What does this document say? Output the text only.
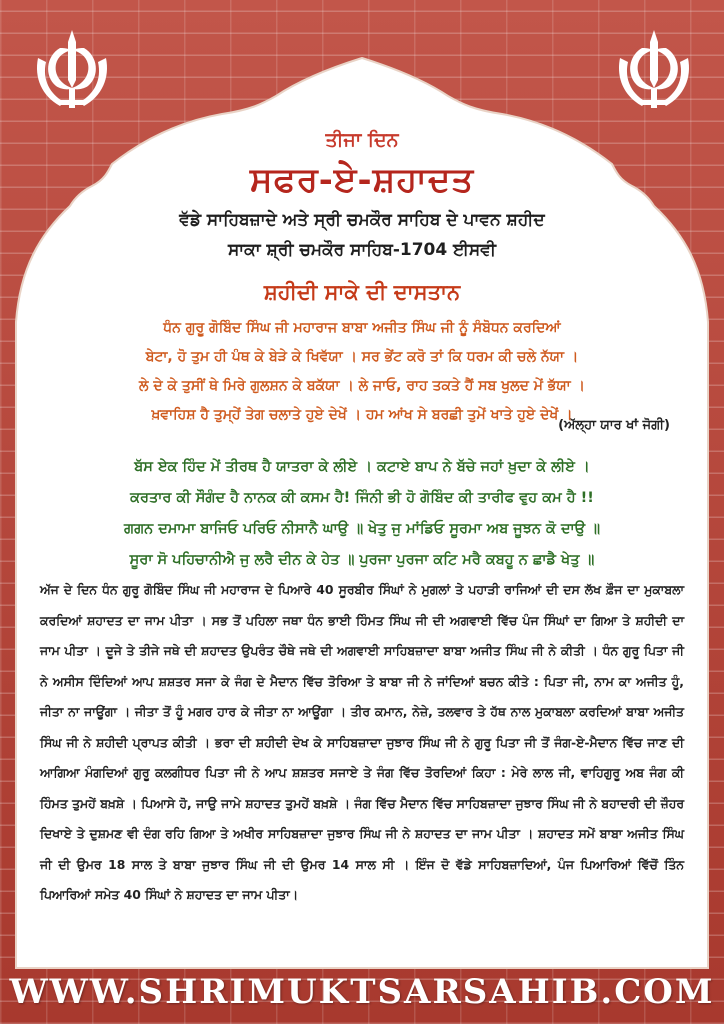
ਤੀਜਾ ਦਿਨ
ਸਫਰ-ਏ-ਸ਼ਹਾਦਤ
ਵੱਡੇ ਸਾਹਿਬਜ਼ਾਦੇ ਅਤੇ ਸ੍ਰੀ ਚਮਕੌਰ ਸਾਹਿਬ ਦੇ ਪਾਵਨ ਸ਼ਹੀਦ
ਸਾਕਾ ਸ਼੍ਰੀ ਚਮਕੌਰ ਸਾਹਿਬ-1704 ਈਸਵੀ
ਸ਼ਹੀਦੀ ਸਾਕੇ ਦੀ ਦਾਸਤਾਨ
ਧੰਨ ਗੁਰੂ ਗੋਬਿੰਦ ਸਿੰਘ ਜੀ ਮਹਾਰਾਜ ਬਾਬਾ ਅਜੀਤ ਸਿੰਘ ਜੀ ਨੂੰ ਸੰਬੋਧਨ ਕਰਦਿਆਂ
ਬੇਟਾ, ਹੋ ਤੁਮ ਹੀ ਪੰਥ ਕੇ ਬੇੜੇ ਕੇ ਖਿਵੱਯਾ । ਸਰ ਭੇਂਟ ਕਰੋ ਤਾਂ ਕਿ ਧਰਮ ਕੀ ਚਲੇ ਨੱਯਾ ।
ਲੇ ਦੇ ਕੇ ਤੁਸੀਂ ਥੇ ਮਿਰੇ ਗੁਲਸ਼ਨ ਕੇ ਬਕੱਯਾ । ਲੇ ਜਾਓ, ਰਾਹ ਤਕਤੇ ਹੈਂ ਸਬ ਖੁਲਦ ਮੇਂ ਭੱਯਾ ।
ਖ਼ਵਾਹਿਸ਼ ਹੈ ਤੁਮ੍ਹੇਂ ਤੇਗ ਚਲਾਤੇ ਹੁਏ ਦੇਖੇਂ । ਹਮ ਆਂਖ ਸੇ ਬਰਛੀ ਤੁਮੇਂ ਖਾਤੇ ਹੁਏ ਦੇਖੇਂ ।
(ਅੱਲ੍ਹਾ ਯਾਰ ਖਾਂ ਜੋਗੀ)
ਬੱਸ ਏਕ ਹਿੰਦ ਮੇਂ ਤੀਰਥ ਹੈ ਯਾਤਰਾ ਕੇ ਲੀਏ । ਕਟਾਏ ਬਾਪ ਨੇ ਬੱਚੇ ਜਹਾਂ ਖ਼ੁਦਾ ਕੇ ਲੀਏ ।
ਕਰਤਾਰ ਕੀ ਸੌਗੰਦ ਹੈ ਨਾਨਕ ਕੀ ਕਸਮ ਹੈ! ਜਿੰਨੀ ਭੀ ਹੋ ਗੋਬਿੰਦ ਕੀ ਤਾਰੀਫ ਵੁਹ ਕਮ ਹੈ !!
ਗਗਨ ਦਮਾਮਾ ਬਾਜਿਓ ਪਰਿਓ ਨੀਸਾਨੈ ਘਾਉ ॥ ਖੇਤੁ ਜੁ ਮਾਂਡਿਓ ਸੂਰਮਾ ਅਬ ਜੂਝਨ ਕੋ ਦਾਉ ॥
ਸੂਰਾ ਸੋ ਪਹਿਚਾਨੀਐ ਜੁ ਲਰੈ ਦੀਨ ਕੇ ਹੇਤ ॥ ਪੁਰਜਾ ਪੁਰਜਾ ਕਟਿ ਮਰੈ ਕਬਹੂ ਨ ਛਾਡੈ ਖੇਤੁ ॥

ਅੱਜ ਦੇ ਦਿਨ ਧੰਨ ਗੁਰੂ ਗੋਬਿੰਦ ਸਿੰਘ ਜੀ ਮਹਾਰਾਜ ਦੇ ਪਿਆਰੇ 40 ਸੂਰਬੀਰ ਸਿੰਘਾਂ ਨੇ ਮੁਗਲਾਂ ਤੇ ਪਹਾੜੀ ਰਾਜਿਆਂ ਦੀ ਦਸ ਲੱਖ ਫ਼ੌਜ ਦਾ ਮੁਕਾਬਲਾ ਕਰਦਿਆਂ ਸ਼ਹਾਦਤ ਦਾ ਜਾਮ ਪੀਤਾ । ਸਭ ਤੋਂ ਪਹਿਲਾ ਜਥਾ ਧੰਨ ਭਾਈ ਹਿੰਮਤ ਸਿੰਘ ਜੀ ਦੀ ਅਗਵਾਈ ਵਿੱਚ ਪੰਜ ਸਿੰਘਾਂ ਦਾ ਗਿਆ ਤੇ ਸ਼ਹੀਦੀ ਦਾ ਜਾਮ ਪੀਤਾ । ਦੂਜੇ ਤੇ ਤੀਜੇ ਜਥੇ ਦੀ ਸ਼ਹਾਦਤ ਉਪਰੰਤ ਚੌਥੇ ਜਥੇ ਦੀ ਅਗਵਾਈ ਸਾਹਿਬਜ਼ਾਦਾ ਬਾਬਾ ਅਜੀਤ ਸਿੰਘ ਜੀ ਨੇ ਕੀਤੀ । ਧੰਨ ਗੁਰੂ ਪਿਤਾ ਜੀ ਨੇ ਅਸੀਸ ਦਿੰਦਿਆਂ ਆਪ ਸ਼ਸ਼ਤਰ ਸਜਾ ਕੇ ਜੰਗ ਦੇ ਮੈਦਾਨ ਵਿੱਚ ਤੋਰਿਆ ਤੇ ਬਾਬਾ ਜੀ ਨੇ ਜਾਂਦਿਆਂ ਬਚਨ ਕੀਤੇ : ਪਿਤਾ ਜੀ, ਨਾਮ ਕਾ ਅਜੀਤ ਹੂੰ, ਜੀਤਾ ਨਾ ਜਾਊਂਗਾ । ਜੀਤਾ ਤੋਂ ਹੂੰ ਮਗਰ ਹਾਰ ਕੇ ਜੀਤਾ ਨਾ ਆਊਂਗਾ । ਤੀਰ ਕਮਾਨ, ਨੇਜ਼ੇ, ਤਲਵਾਰ ਤੇ ਹੱਥ ਨਾਲ ਮੁਕਾਬਲਾ ਕਰਦਿਆਂ ਬਾਬਾ ਅਜੀਤ ਸਿੰਘ ਜੀ ਨੇ ਸ਼ਹੀਦੀ ਪ੍ਰਾਪਤ ਕੀਤੀ । ਭਰਾ ਦੀ ਸ਼ਹੀਦੀ ਦੇਖ ਕੇ ਸਾਹਿਬਜ਼ਾਦਾ ਜੁਝਾਰ ਸਿੰਘ ਜੀ ਨੇ ਗੁਰੂ ਪਿਤਾ ਜੀ ਤੋਂ ਜੰਗ-ਏ-ਮੈਦਾਨ ਵਿੱਚ ਜਾਣ ਦੀ ਆਗਿਆ ਮੰਗਦਿਆਂ ਗੁਰੂ ਕਲਗੀਧਰ ਪਿਤਾ ਜੀ ਨੇ ਆਪ ਸ਼ਸ਼ਤਰ ਸਜਾਏ ਤੇ ਜੰਗ ਵਿੱਚ ਤੋਰਦਿਆਂ ਕਿਹਾ : ਮੇਰੇ ਲਾਲ ਜੀ, ਵਾਹਿਗੁਰੂ ਅਬ ਜੰਗ ਕੀ ਹਿੰਮਤ ਤੁਮਹੇਂ ਬਖ਼ਸ਼ੇ । ਪਿਆਸੇ ਹੋ, ਜਾਉ ਜਾਮੇ ਸ਼ਹਾਦਤ ਤੁਮਹੇਂ ਬਖ਼ਸ਼ੇ । ਜੰਗ ਵਿੱਚ ਮੈਦਾਨ ਵਿੱਚ ਸਾਹਿਬਜ਼ਾਦਾ ਜੁਝਾਰ ਸਿੰਘ ਜੀ ਨੇ ਬਹਾਦਰੀ ਦੀ ਜ਼ੌਹਰ ਦਿਖਾਏ ਤੇ ਦੁਸ਼ਮਣ ਵੀ ਦੰਗ ਰਹਿ ਗਿਆ ਤੇ ਅਖੀਰ ਸਾਹਿਬਜ਼ਾਦਾ ਜੁਝਾਰ ਸਿੰਘ ਜੀ ਨੇ ਸ਼ਹਾਦਤ ਦਾ ਜਾਮ ਪੀਤਾ । ਸ਼ਹਾਦਤ ਸਮੇਂ ਬਾਬਾ ਅਜੀਤ ਸਿੰਘ ਜੀ ਦੀ ਉਮਰ 18 ਸਾਲ ਤੇ ਬਾਬਾ ਜੁਝਾਰ ਸਿੰਘ ਜੀ ਦੀ ਉਮਰ 14 ਸਾਲ ਸੀ । ਇੰਜ ਦੋ ਵੱਡੇ ਸਾਹਿਬਜ਼ਾਦਿਆਂ, ਪੰਜ ਪਿਆਰਿਆਂ ਵਿੱਚੋਂ ਤਿੰਨ ਪਿਆਰਿਆਂ ਸਮੇਤ 40 ਸਿੰਘਾਂ ਨੇ ਸ਼ਹਾਦਤ ਦਾ ਜਾਮ ਪੀਤਾ।

WWW.SHRIMUKTSARSAHIB.COM
